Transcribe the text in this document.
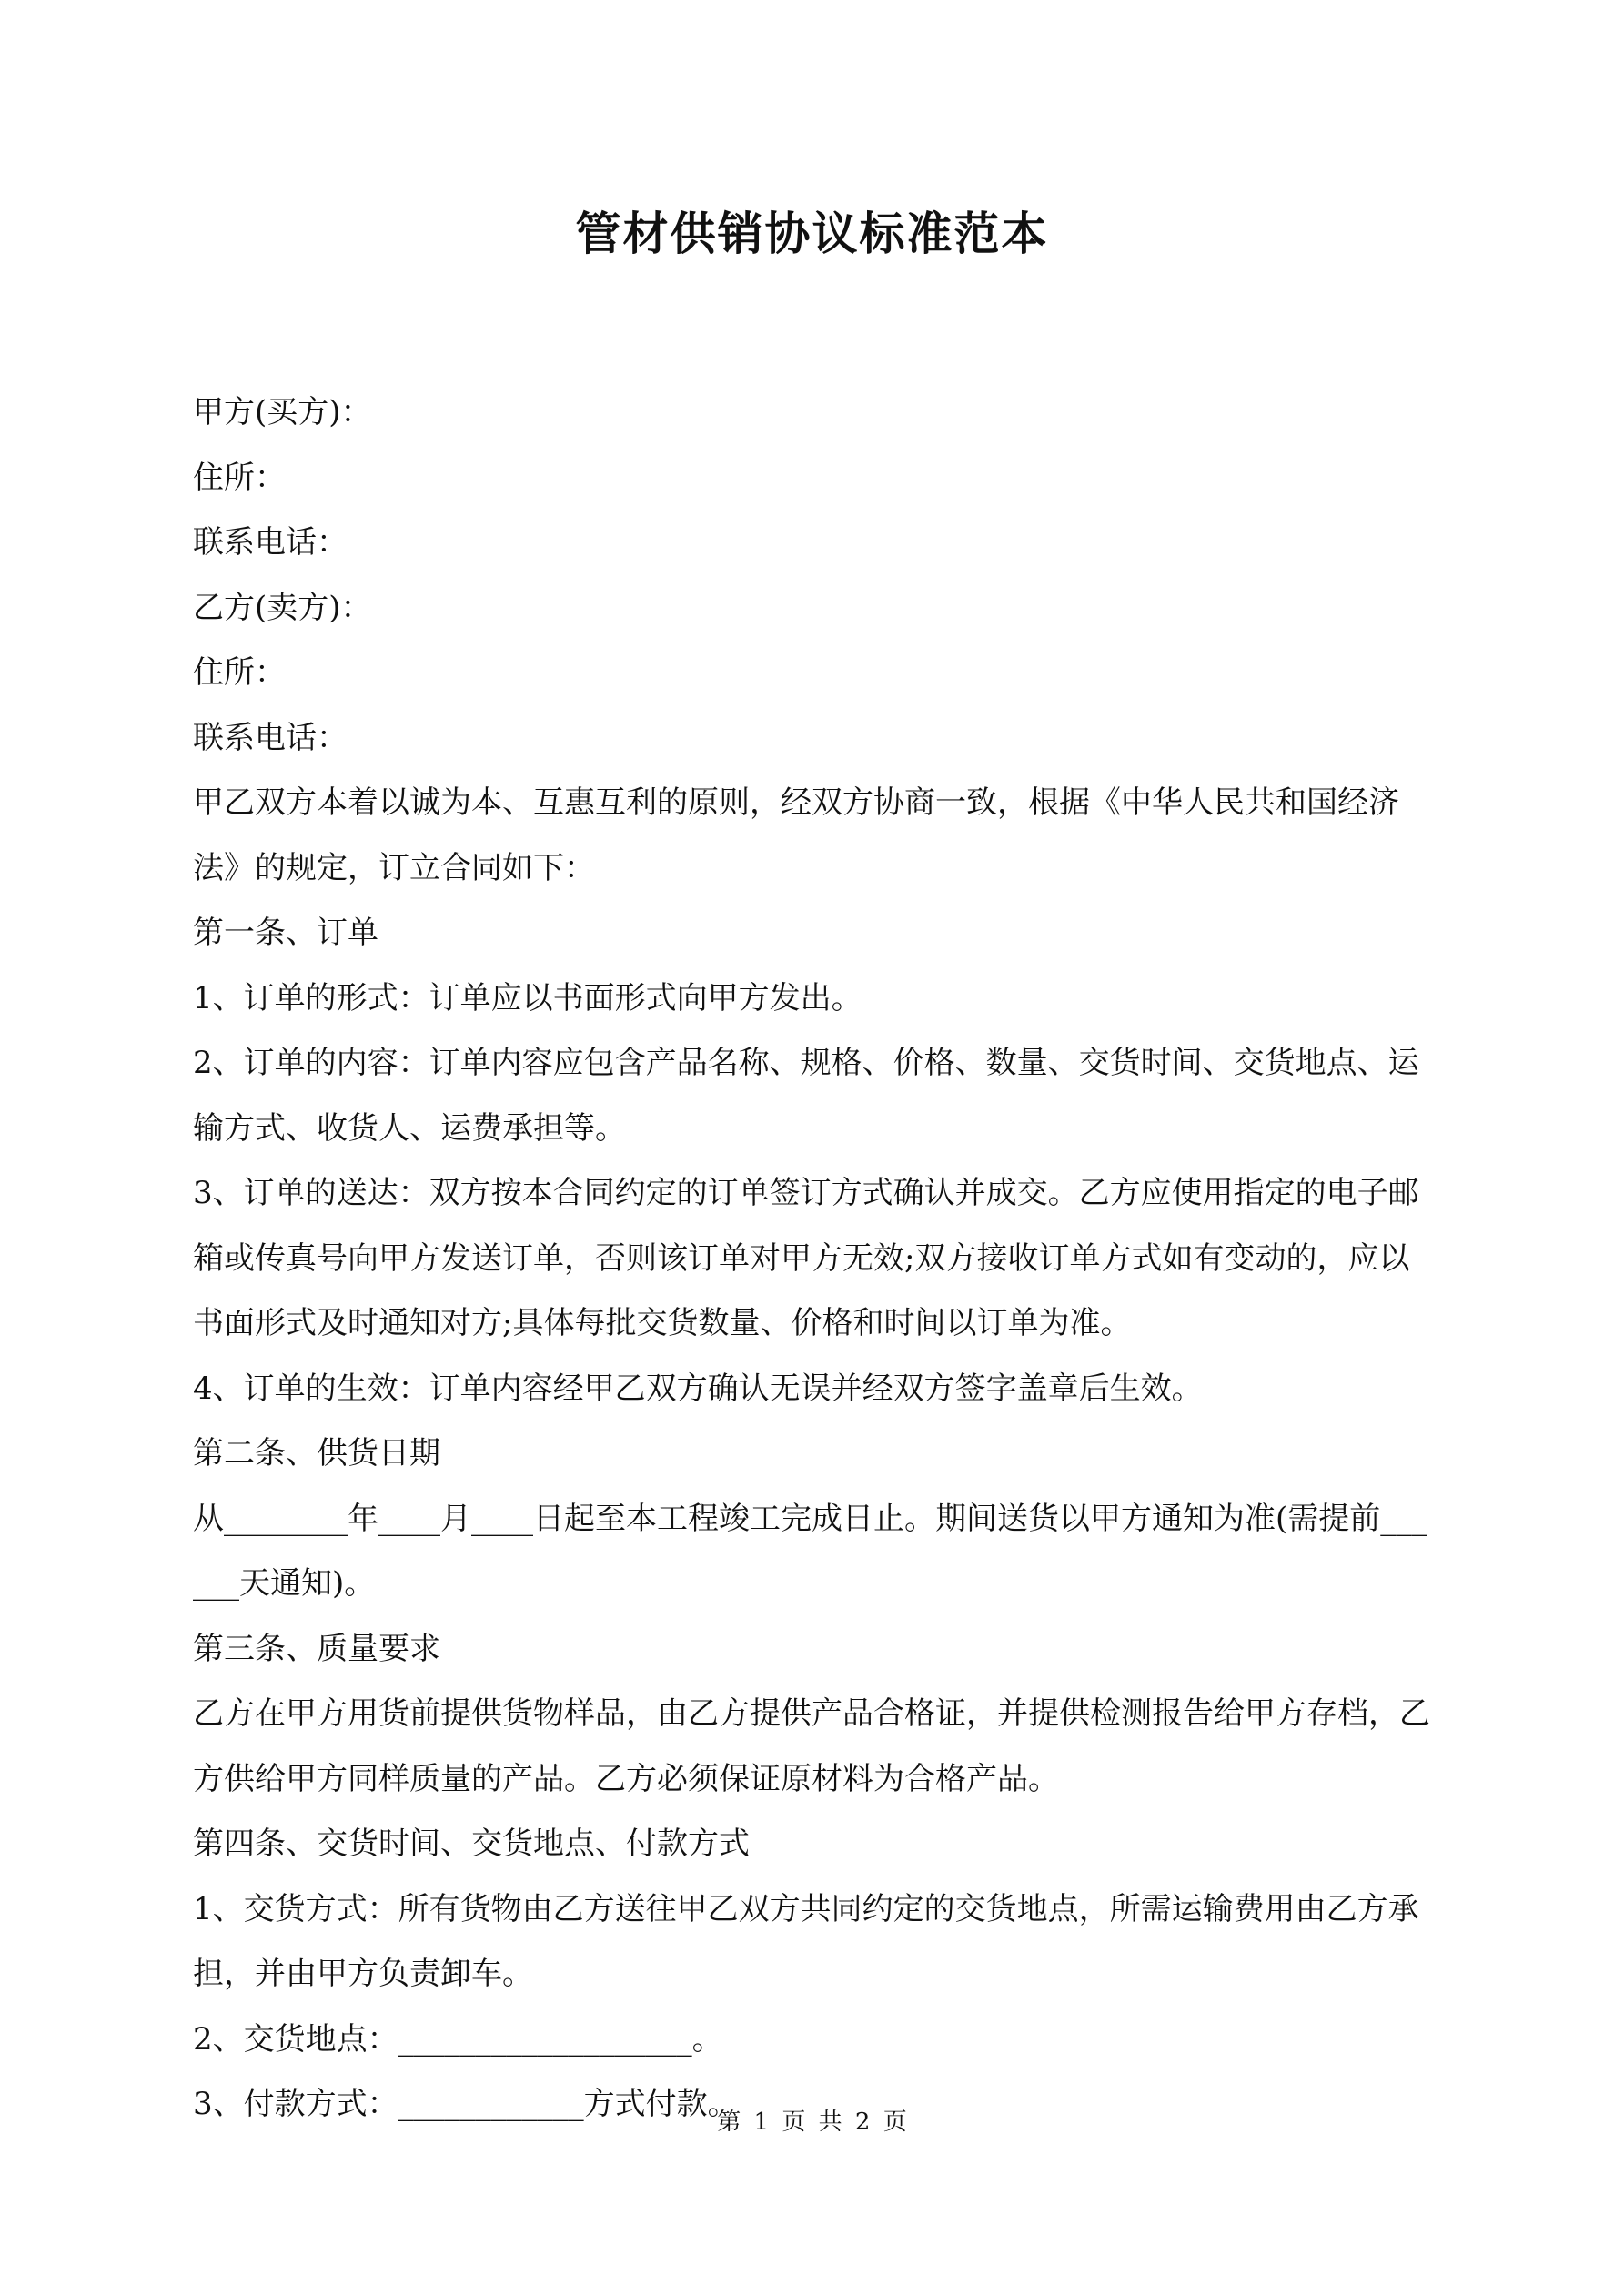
管材供销协议标准范本

甲方(买方)：

住所：

联系电话：

乙方(卖方)：

住所：

联系电话：

甲乙双方本着以诚为本、互惠互利的原则，经双方协商一致，根据《中华人民共和国经济法》的规定，订立合同如下：

第一条、订单

1、订单的形式：订单应以书面形式向甲方发出。

2、订单的内容：订单内容应包含产品名称、规格、价格、数量、交货时间、交货地点、运输方式、收货人、运费承担等。

3、订单的送达：双方按本合同约定的订单签订方式确认并成交。乙方应使用指定的电子邮箱或传真号向甲方发送订单，否则该订单对甲方无效;双方接收订单方式如有变动的，应以书面形式及时通知对方;具体每批交货数量、价格和时间以订单为准。

4、订单的生效：订单内容经甲乙双方确认无误并经双方签字盖章后生效。

第二条、供货日期

从________年____月____日起至本工程竣工完成日止。期间送货以甲方通知为准(需提前______天通知)。

第三条、质量要求

乙方在甲方用货前提供货物样品，由乙方提供产品合格证，并提供检测报告给甲方存档，乙方供给甲方同样质量的产品。乙方必须保证原材料为合格产品。

第四条、交货时间、交货地点、付款方式

1、交货方式：所有货物由乙方送往甲乙双方共同约定的交货地点，所需运输费用由乙方承担，并由甲方负责卸车。

2、交货地点：___________________。

3、付款方式：____________方式付款。

第 1 页 共 2 页
